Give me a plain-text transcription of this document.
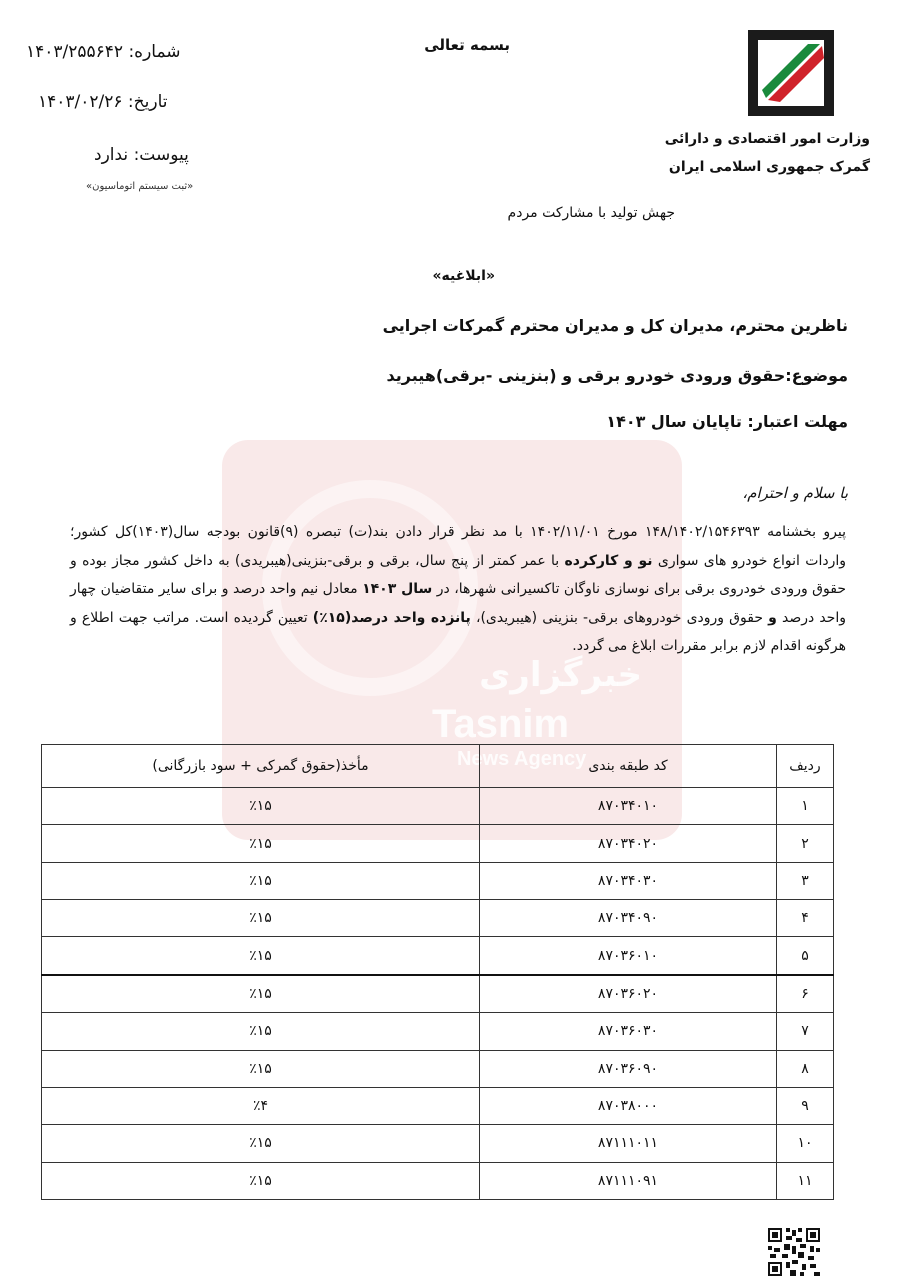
خبرگزاری
Tasnim
News Agency
بسمه تعالی
وزارت امور اقتصادی و دارائی
گمرک جمهوری اسلامی ایران
شماره: ۱۴۰۳/۲۵۵۶۴۲
تاریخ: ۱۴۰۳/۰۲/۲۶
پیوست: ندارد
«ثبت سیستم اتوماسیون»
جهش تولید با مشارکت مردم
«ابلاغیه»
ناظرین محترم، مدیران کل و مدیران محترم گمرکات اجرایی
موضوع:حقوق ورودی خودرو برقی و (بنزینی -برقی)هیبرید
مهلت اعتبار: تاپایان سال ۱۴۰۳
با سلام و احترام،
پیرو بخشنامه ۱۴۸/۱۴۰۲/۱۵۴۶۳۹۳ مورخ ۱۴۰۲/۱۱/۰۱ با مد نظر قرار دادن بند(ت) تبصره (۹)قانون بودجه سال(۱۴۰۳)کل کشور؛ واردات انواع خودرو های سواری نو و کارکرده با عمر کمتر از پنج سال، برقی و برقی-بنزینی(هیبریدی) به داخل کشور مجاز بوده و حقوق ورودی خودروی برقی برای نوسازی ناوگان تاکسیرانی شهرها، در سال ۱۴۰۳ معادل نیم واحد درصد و برای سایر متقاضیان چهار واحد درصد و حقوق ورودی خودروهای برقی- بنزینی (هیبریدی)، پانزده واحد درصد(۱۵٪) تعیین گردیده است. مراتب جهت اطلاع و هرگونه اقدام لازم برابر مقررات ابلاغ می گردد.
ردیف	کد طبقه بندی	مأخذ(حقوق گمرکی + سود بازرگانی)
۱	۸۷۰۳۴۰۱۰	٪۱۵
۲	۸۷۰۳۴۰۲۰	٪۱۵
۳	۸۷۰۳۴۰۳۰	٪۱۵
۴	۸۷۰۳۴۰۹۰	٪۱۵
۵	۸۷۰۳۶۰۱۰	٪۱۵
۶	۸۷۰۳۶۰۲۰	٪۱۵
۷	۸۷۰۳۶۰۳۰	٪۱۵
۸	۸۷۰۳۶۰۹۰	٪۱۵
۹	۸۷۰۳۸۰۰۰	٪۴
۱۰	۸۷۱۱۱۰۱۱	٪۱۵
۱۱	۸۷۱۱۱۰۹۱	٪۱۵
